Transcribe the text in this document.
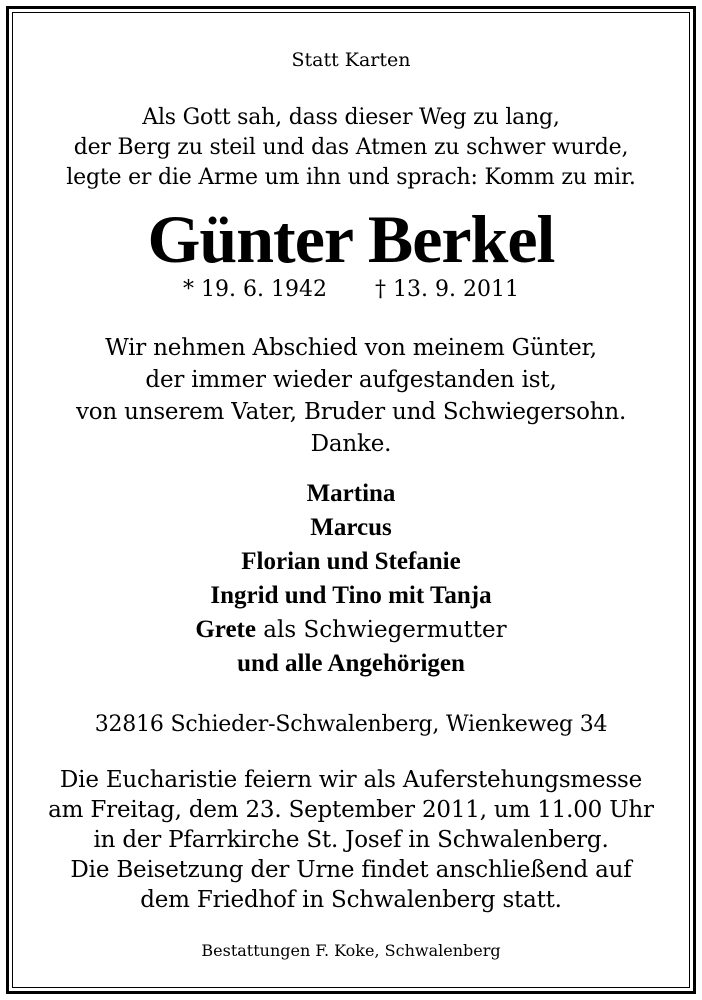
Statt Karten
Als Gott sah, dass dieser Weg zu lang,
der Berg zu steil und das Atmen zu schwer wurde,
legte er die Arme um ihn und sprach: Komm zu mir.
Günter Berkel
* 19. 6. 1942 † 13. 9. 2011
Wir nehmen Abschied von meinem Günter,
der immer wieder aufgestanden ist,
von unserem Vater, Bruder und Schwiegersohn.
Danke.
Martina
Marcus
Florian und Stefanie
Ingrid und Tino mit Tanja
Grete als Schwiegermutter
und alle Angehörigen
32816 Schieder-Schwalenberg, Wienkeweg 34
Die Eucharistie feiern wir als Auferstehungsmesse
am Freitag, dem 23. September 2011, um 11.00 Uhr
in der Pfarrkirche St. Josef in Schwalenberg.
Die Beisetzung der Urne findet anschließend auf
dem Friedhof in Schwalenberg statt.
Bestattungen F. Koke, Schwalenberg
